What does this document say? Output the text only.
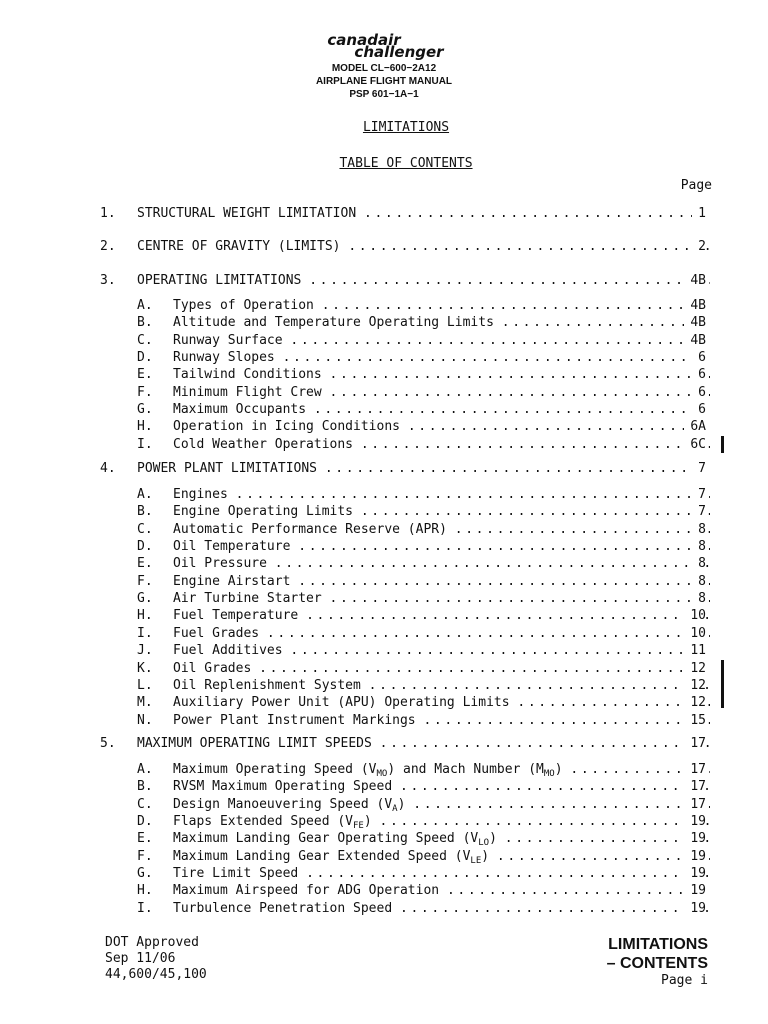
canadair
challenger
MODEL CL−600−2A12
AIRPLANE FLIGHT MANUAL
PSP 601−1A−1
LIMITATIONS
TABLE OF CONTENTS
Page
1. STRUCTURAL WEIGHT LIMITATION . . .	1
2. CENTRE OF GRAVITY (LIMITS) . . .	2
3. OPERATING LIMITATIONS . . .	4B
A. Types of Operation . . .	4B
B. Altitude and Temperature Operating Limits . . .	4B
C. Runway Surface . . .	4B
D. Runway Slopes . . .	6
E. Tailwind Conditions . . .	6
F. Minimum Flight Crew . . .	6
G. Maximum Occupants . . .	6
H. Operation in Icing Conditions . . .	6A
I. Cold Weather Operations . . .	6C
4. POWER PLANT LIMITATIONS . . .	7
A. Engines . . .	7
B. Engine Operating Limits . . .	7
C. Automatic Performance Reserve (APR) . . .	8
D. Oil Temperature . . .	8
E. Oil Pressure . . .	8
F. Engine Airstart . . .	8
G. Air Turbine Starter . . .	8
H. Fuel Temperature . . .	10
I. Fuel Grades . . .	10
J. Fuel Additives . . .	11
K. Oil Grades . . .	12
L. Oil Replenishment System . . .	12
M. Auxiliary Power Unit (APU) Operating Limits . . .	12
N. Power Plant Instrument Markings . . .	15
5. MAXIMUM OPERATING LIMIT SPEEDS . . .	17
A. Maximum Operating Speed $(V_{MO})$ and Mach Number $(M_{MO})$ . . .	17
B. RVSM Maximum Operating Speed . . .	17
C. Design Manoeuvering Speed $(V_A)$ . . .	17
D. Flaps Extended Speed $(V_{FE})$ . . .	19
E. Maximum Landing Gear Operating Speed $(V_{LO})$ . . .	19
F. Maximum Landing Gear Extended Speed $(V_{LE})$ . . .	19
G. Tire Limit Speed . . .	19
H. Maximum Airspeed for ADG Operation . . .	19
I. Turbulence Penetration Speed . . .	19
DOT Approved
Sep 11/06
44,600/45,100
LIMITATIONS
– CONTENTS
Page i
